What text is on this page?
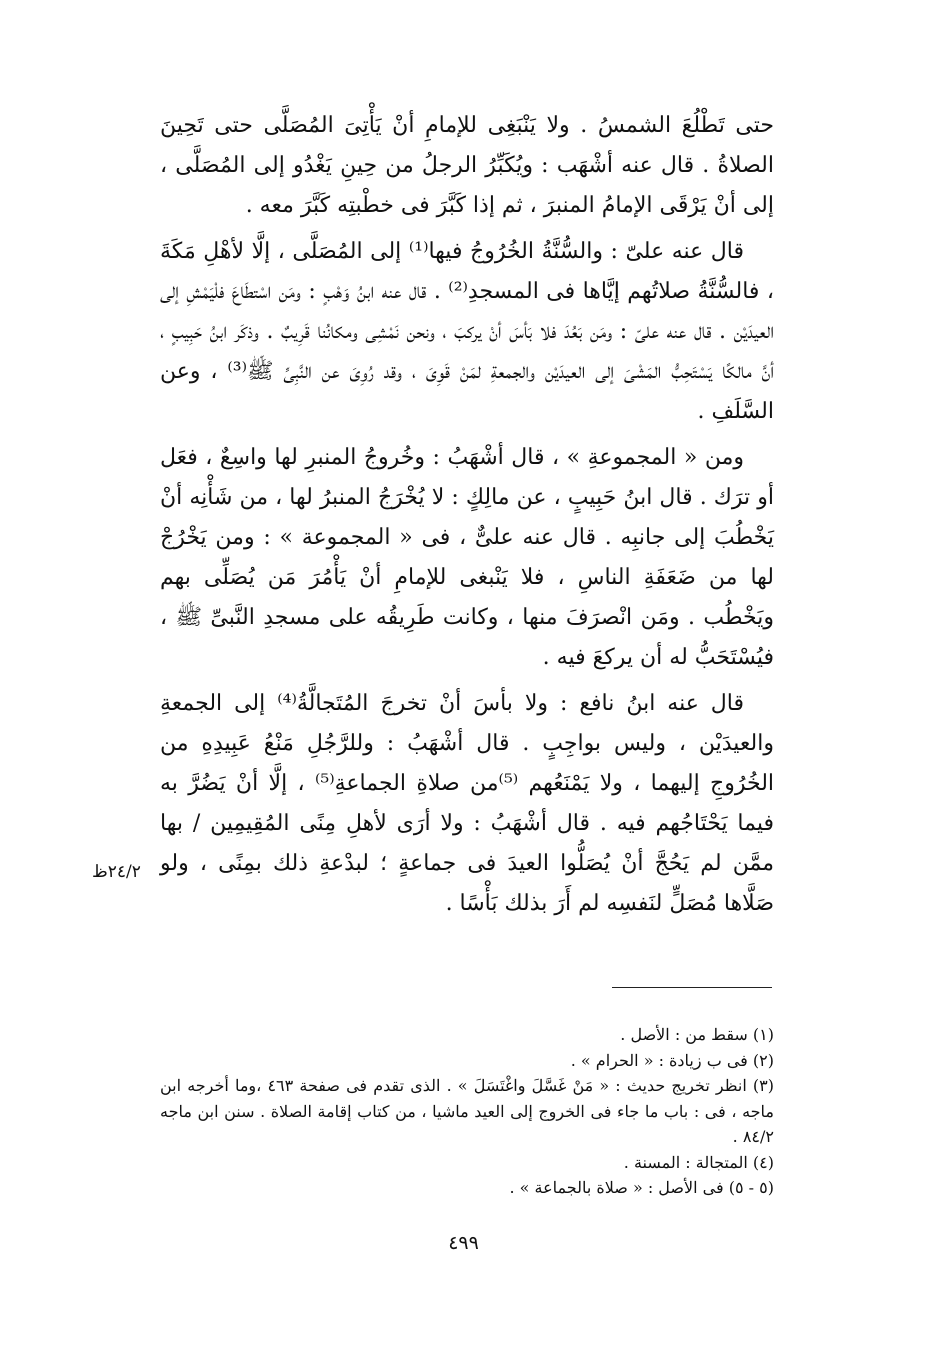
حتى تَطْلُعَ الشمسُ . ولا يَنْبَغِى للإمامِ أنْ يَأْتِىَ المُصَلَّى حتى تَحِينَ الصلاةُ . قال عنه أشْهَب : ويُكَبِّرُ الرجلُ من حِينِ يَغْدُو إلى المُصَلَّى ، إلى أنْ يَرْقَى الإمامُ المنبرَ ، ثم إذا كَبَّرَ فى خطْبتِه كَبَّرَ معه .

قال عنه علىّ : والسُّنَّةُ الخُرُوجُ فيها⁽¹⁾ إلى المُصَلَّى ، إلَّا لأهْلِ مَكَةَ ، فالسُّنَّةُ صلاتُهم إيَّاها فى المسجدِ⁽²⁾ . قال عنه ابنُ وَهْبٍ : ومَن اسْتطَاعَ فلْيَمْشِ إلى العيدَيْن . قال عنه علىّ : ومَن بَعُدَ فلا بَأسَ أنْ يركبَ ، ونحن نَمْشِى ومكانُنا قَرِيبٌ . وذكَر ابنُ حَبِيبٍ ، أنَّ مالكًا يَسْتَحِبُّ المَشْىَ إلى العيدَيْن والجمعةِ لمَنْ قَوِىَ ، وقد رُوِىَ عن النَّبِىِّ ﷺ⁽³⁾ ، وعن السَّلَفِ .

ومن « المجموعةِ » ، قال أشْهَبُ : وخُروجُ المنبرِ لها واسِعٌ ، فعَل أو ترَك . قال ابنُ حَبِيبٍ ، عن مالِكٍ : لا يُخْرَجُ المنبرُ لها ، من شَأْنِه أنْ يَخْطُبَ إلى جانبِه . قال عنه علىٌّ ، فى « المجموعة » : ومن يَخْرُجْ لها من ضَعَفَةِ الناسِ ، فلا يَنْبغى للإمامِ أنْ يَأْمُرَ مَن يُصَلِّى بهم ويَخْطُب . ومَن انْصرَفَ منها ، وكانت طَرِيقُه على مسجدِ النَّبىِّ ﷺ ، فيُسْتَحَبُّ له أن يركعَ فيه .

قال عنه ابنُ نافع : ولا بأسَ أنْ تخرجَ المُتَجالَّةُ⁽⁴⁾ إلى الجمعةِ والعيدَيْن ، وليس بواجِبٍ . قال أشْهَبُ : وللرَّجُلِ مَنْعُ عَبِيدِهِ من الخُرُوجِ إليهما ، ولا يَمْنَعُهم ⁽⁵⁾من صلاةِ الجماعةِ⁽⁵⁾ ، إلَّا أنْ يَضُرَّ به فيما يَحْتَاجُهم فيه . قال أشْهَبُ : ولا أرَى لأهلِ مِنًى المُقِيمِين / بها ممَّن لم يَحُجَّ أنْ يُصَلُّوا العيدَ فى جماعةٍ ؛ لبدْعةِ ذلك بمِنًى ، ولو صَلَّاها مُصَلٍّ لنَفسِه لم أَرَ بذلك بَأْسًا .

٢٤/٢ظ

(١) سقط من : الأصل .

(٢) فى ب زيادة : « الحرام » .

(٣) انظر تخريج حديث : « مَنْ غَسَّلَ واغْتَسَلَ » . الذى تقدم فى صفحة ٤٦٣ ،وما أخرجه ابن ماجه ، فى : باب ما جاء فى الخروج إلى العيد ماشيا ، من كتاب إقامة الصلاة . سنن ابن ماجه ٨٤/٢ .

(٤) المتجالة : المسنة .

(٥ - ٥) فى الأصل : « صلاة بالجماعة » .

٤٩٩
